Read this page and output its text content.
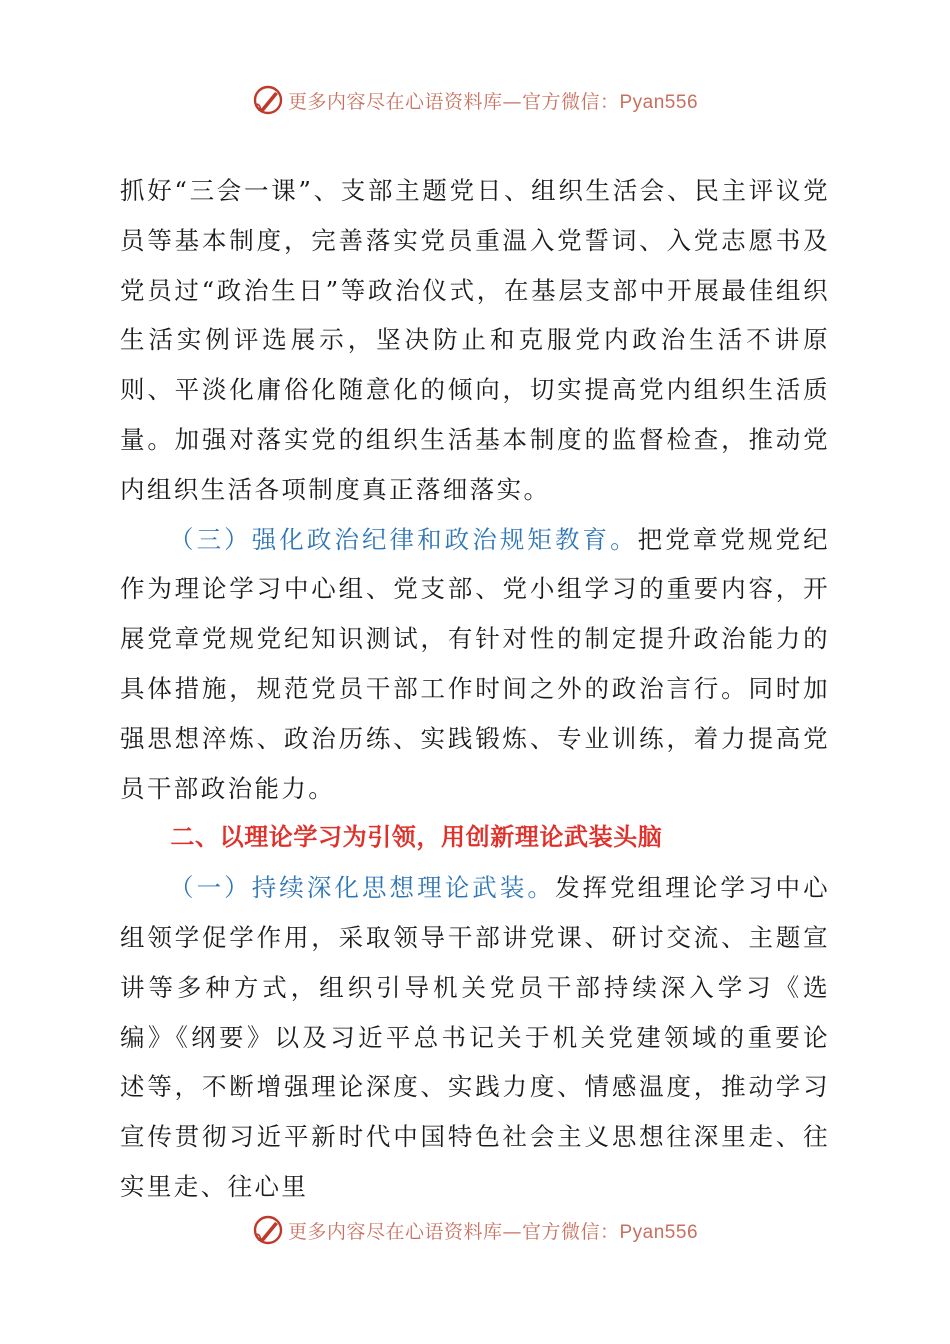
更多内容尽在心语资料库—官方微信：Pyan556

抓好“三会一课”、支部主题党日、组织生活会、民主评议党员等基本制度，完善落实党员重温入党誓词、入党志愿书及党员过“政治生日”等政治仪式，在基层支部中开展最佳组织生活实例评选展示，坚决防止和克服党内政治生活不讲原则、平淡化庸俗化随意化的倾向，切实提高党内组织生活质量。加强对落实党的组织生活基本制度的监督检查，推动党内组织生活各项制度真正落细落实。

（三）强化政治纪律和政治规矩教育。把党章党规党纪作为理论学习中心组、党支部、党小组学习的重要内容，开展党章党规党纪知识测试，有针对性的制定提升政治能力的具体措施，规范党员干部工作时间之外的政治言行。同时加强思想淬炼、政治历练、实践锻炼、专业训练，着力提高党员干部政治能力。

二、以理论学习为引领，用创新理论武装头脑

（一）持续深化思想理论武装。发挥党组理论学习中心组领学促学作用，采取领导干部讲党课、研讨交流、主题宣讲等多种方式，组织引导机关党员干部持续深入学习《选编》《纲要》以及习近平总书记关于机关党建领域的重要论述等，不断增强理论深度、实践力度、情感温度，推动学习宣传贯彻习近平新时代中国特色社会主义思想往深里走、往实里走、往心里

更多内容尽在心语资料库—官方微信：Pyan556
